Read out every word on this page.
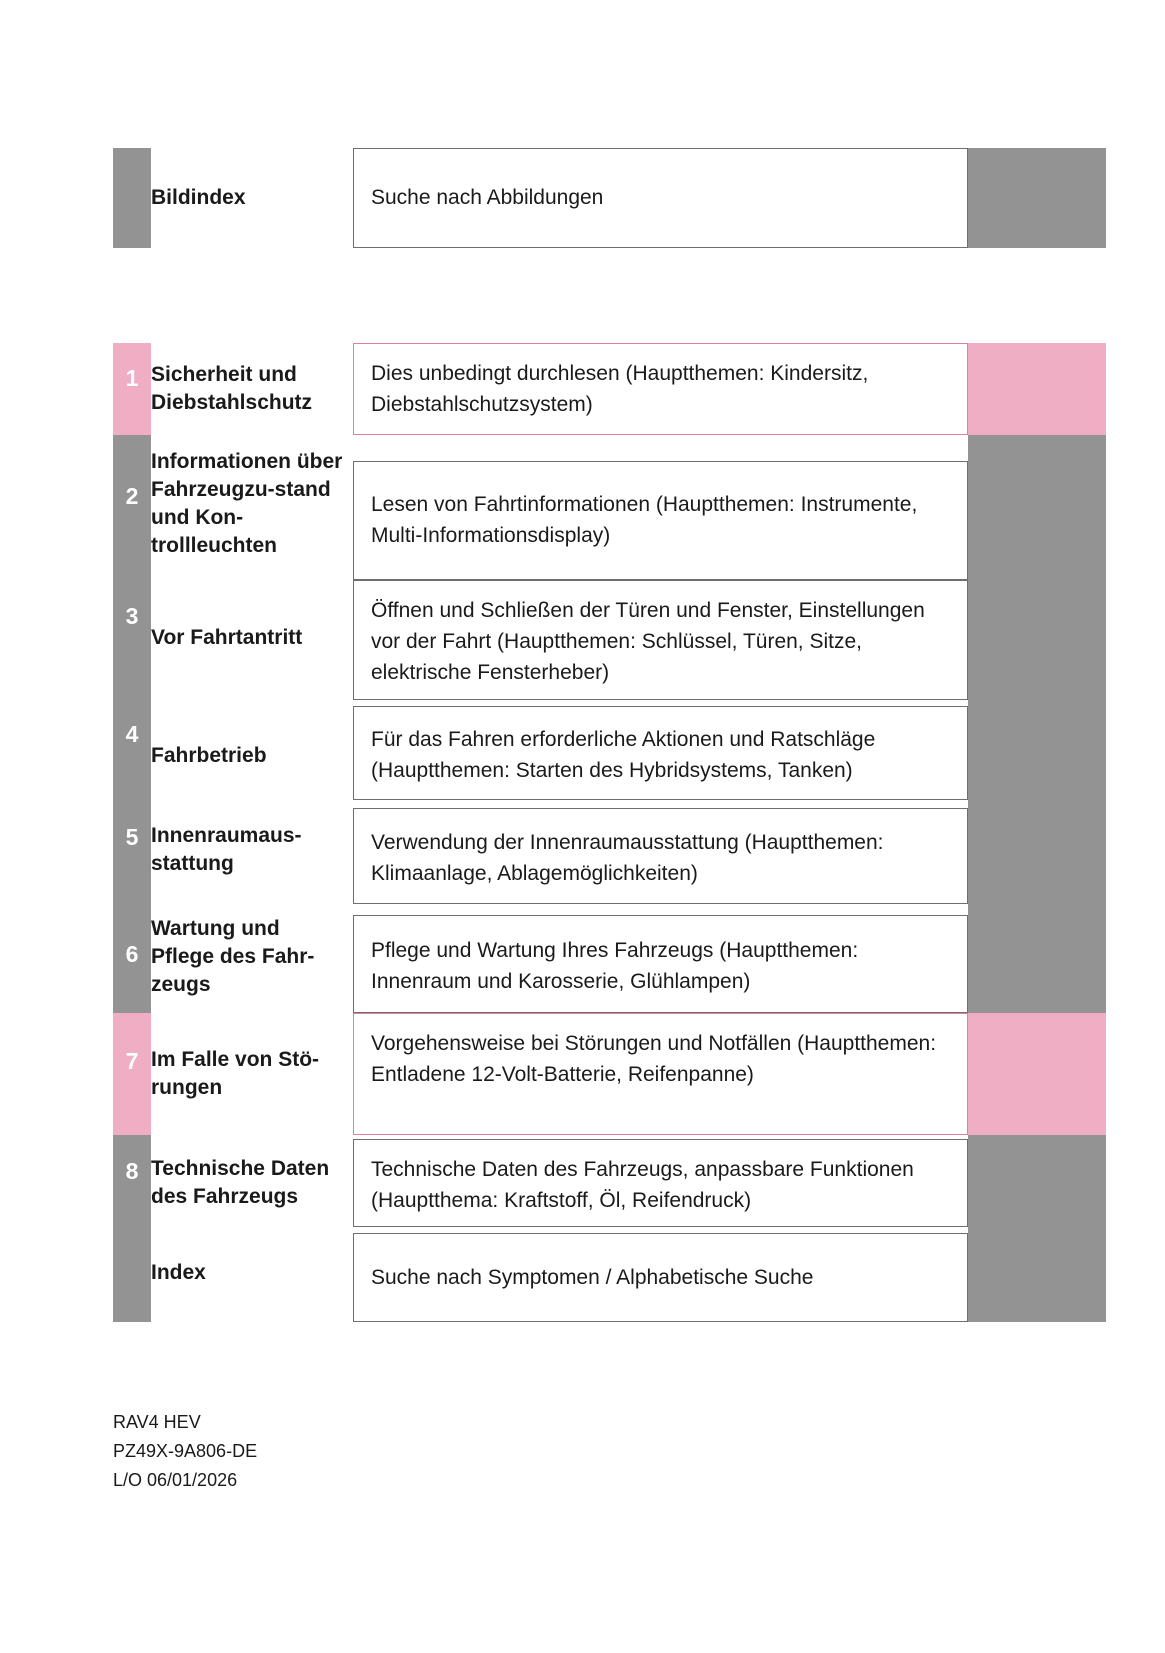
Bildindex	Suche nach Abbildungen
1 Sicherheit und Diebstahlschutz
Dies unbedingt durchlesen (Hauptthemen: Kindersitz, Diebstahlschutzsystem)
2
Informationen über Fahrzeugzu-stand und Kon-trollleuchten
Lesen von Fahrtinformationen (Hauptthemen: Instrumente, Multi-Informationsdisplay)
3
Vor Fahrtantritt
Öffnen und Schließen der Türen und Fenster, Einstellungen vor der Fahrt (Hauptthemen: Schlüssel, Türen, Sitze, elektrische Fensterheber)
4
Fahrbetrieb
Für das Fahren erforderliche Aktionen und Ratschläge (Hauptthemen: Starten des Hybridsystems, Tanken)
5 Innenraumaus-stattung
Verwendung der Innenraumausstattung (Hauptthemen: Klimaanlage, Ablagemöglichkeiten)
6
Wartung und Pflege des Fahr-zeugs
Pflege und Wartung Ihres Fahrzeugs (Hauptthemen: Innenraum und Karosserie, Glühlampen)
7 Im Falle von Stö-rungen
Vorgehensweise bei Störungen und Notfällen (Hauptthemen: Entladene 12-Volt-Batterie, Reifenpanne)
8 Technische Daten des Fahrzeugs
Technische Daten des Fahrzeugs, anpassbare Funktionen (Hauptthema: Kraftstoff, Öl, Reifendruck)
Index	Suche nach Symptomen / Alphabetische Suche
RAV4 HEV
PZ49X-9A806-DE
L/O 06/01/2026
